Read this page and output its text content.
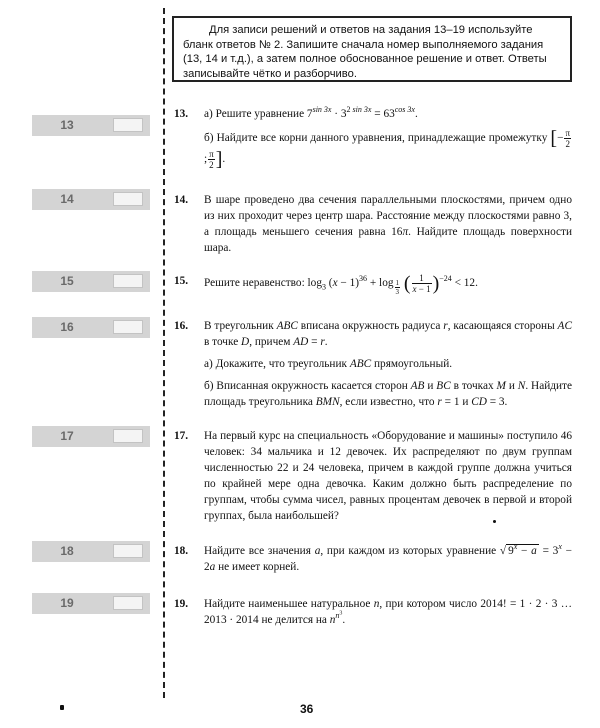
Для записи решений и ответов на задания 13–19 используйте
бланк ответов № 2. Запишите сначала номер выполняемого задания
(13, 14 и т.д.), а затем полное обоснованное решение и ответ. Ответы
записывайте чётко и разборчиво.
13
14
15
16
17
18
19
13. а) Решите уравнение $7^{sin 3x} \cdot 3^{2 sin 3x} = 63^{cos 3x}$.

б) Найдите все корни данного уравнения, принадлежащие промежутку [− $\frac{\pi}{2}$
; $\frac{\pi}{2}$ ].

14. В шаре проведено два сечения параллельными плоскостями, причем одно из них проходит через центр шара. Расстояние между плоскостями равно 3, а площадь меньшего сечения равна 16π. Найдите площадь поверхности шара.

15. Решите неравенство: $\log_3 (x - 1)^{36} + \log _{\frac{1}{3}}$ ( $\frac{1}{x - 1} )^{-24} < 12$.

16. В треугольник ABC вписана окружность радиуса r, касающаяся стороны AC в точке D, причем AD = r.

а) Докажите, что треугольник ABC прямоугольный.

б) Вписанная окружность касается сторон AB и BC в точках M и N. Найдите площадь треугольника BMN, если известно, что r = 1 и CD = 3.

17. На первый курс на специальность «Оборудование и машины» поступило 46 человек: 34 мальчика и 12 девочек. Их распределяют по двум группам численностью 22 и 24 человека, причем в каждой группе должна учиться по крайней мере одна девочка. Каким должно быть распределение по группам, чтобы сумма чисел, равных процентам девочек в первой и второй группах, была наибольшей?

18. Найдите все значения a, при каждом из которых уравнение √ $9^x - a = 3^x - 2a$ не имеет корней.

19. Найдите наименьшее натуральное n, при котором число 2014! = 1 · 2 · 3 … 2013 · 2014 не делится на $n^{n^3}$.

36
